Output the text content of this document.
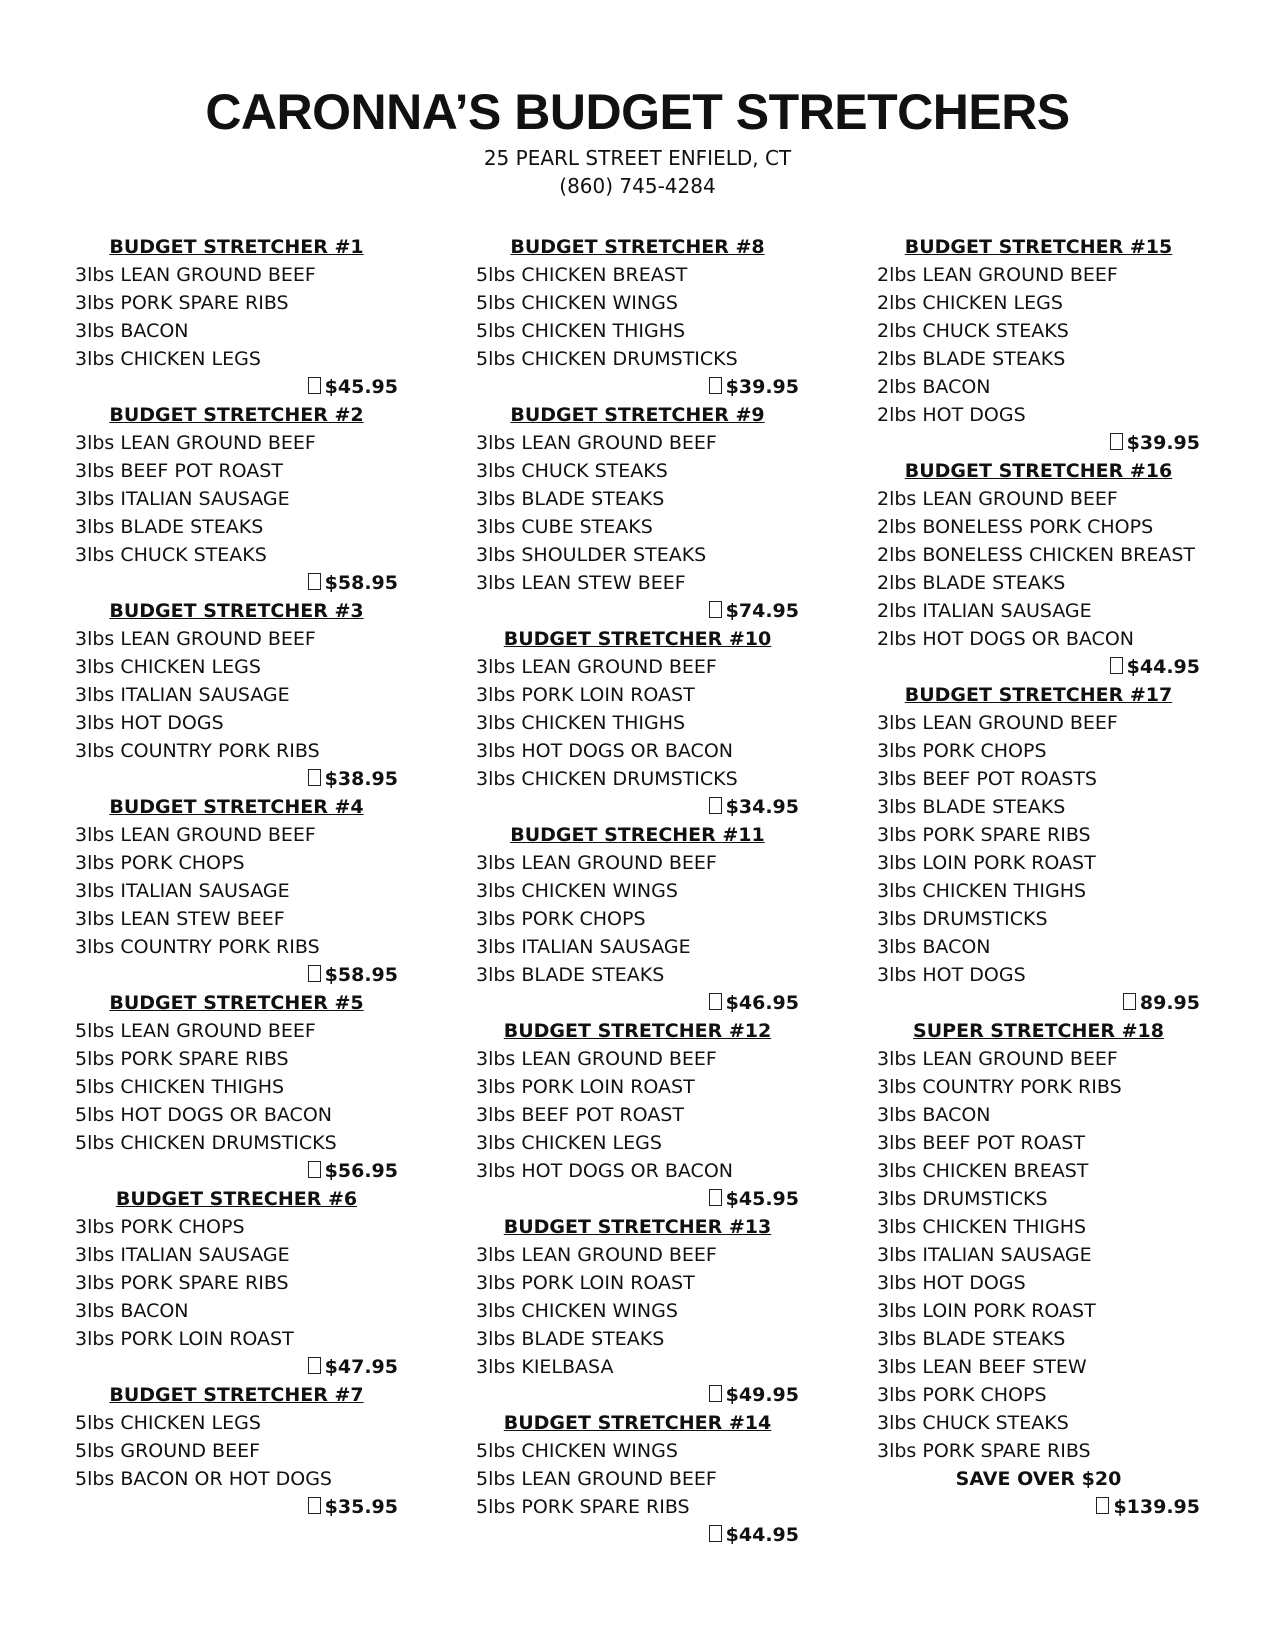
CARONNA’S BUDGET STRETCHERS

25 PEARL STREET ENFIELD, CT

(860) 745-4284

BUDGET STRETCHER #1
3lbs LEAN GROUND BEEF
3lbs PORK SPARE RIBS
3lbs BACON
3lbs CHICKEN LEGS
$45.95
BUDGET STRETCHER #2
3lbs LEAN GROUND BEEF
3lbs BEEF POT ROAST
3lbs ITALIAN SAUSAGE
3lbs BLADE STEAKS
3lbs CHUCK STEAKS
$58.95
BUDGET STRETCHER #3
3lbs LEAN GROUND BEEF
3lbs CHICKEN LEGS
3lbs ITALIAN SAUSAGE
3lbs HOT DOGS
3lbs COUNTRY PORK RIBS
$38.95
BUDGET STRETCHER #4
3lbs LEAN GROUND BEEF
3lbs PORK CHOPS
3lbs ITALIAN SAUSAGE
3lbs LEAN STEW BEEF
3lbs COUNTRY PORK RIBS
$58.95
BUDGET STRETCHER #5
5lbs LEAN GROUND BEEF
5lbs PORK SPARE RIBS
5lbs CHICKEN THIGHS
5lbs HOT DOGS OR BACON
5lbs CHICKEN DRUMSTICKS
$56.95
BUDGET STRECHER #6
3lbs PORK CHOPS
3lbs ITALIAN SAUSAGE
3lbs PORK SPARE RIBS
3lbs BACON
3lbs PORK LOIN ROAST
$47.95
BUDGET STRETCHER #7
5lbs CHICKEN LEGS
5lbs GROUND BEEF
5lbs BACON OR HOT DOGS
$35.95
BUDGET STRETCHER #8
5lbs CHICKEN BREAST
5lbs CHICKEN WINGS
5lbs CHICKEN THIGHS
5lbs CHICKEN DRUMSTICKS
$39.95
BUDGET STRETCHER #9
3lbs LEAN GROUND BEEF
3lbs CHUCK STEAKS
3lbs BLADE STEAKS
3lbs CUBE STEAKS
3lbs SHOULDER STEAKS
3lbs LEAN STEW BEEF
$74.95
BUDGET STRETCHER #10
3lbs LEAN GROUND BEEF
3lbs PORK LOIN ROAST
3lbs CHICKEN THIGHS
3lbs HOT DOGS OR BACON
3lbs CHICKEN DRUMSTICKS
$34.95
BUDGET STRECHER #11
3lbs LEAN GROUND BEEF
3lbs CHICKEN WINGS
3lbs PORK CHOPS
3lbs ITALIAN SAUSAGE
3lbs BLADE STEAKS
$46.95
BUDGET STRETCHER #12
3lbs LEAN GROUND BEEF
3lbs PORK LOIN ROAST
3lbs BEEF POT ROAST
3lbs CHICKEN LEGS
3lbs HOT DOGS OR BACON
$45.95
BUDGET STRETCHER #13
3lbs LEAN GROUND BEEF
3lbs PORK LOIN ROAST
3lbs CHICKEN WINGS
3lbs BLADE STEAKS
3lbs KIELBASA
$49.95
BUDGET STRETCHER #14
5lbs CHICKEN WINGS
5lbs LEAN GROUND BEEF
5lbs PORK SPARE RIBS
$44.95
BUDGET STRETCHER #15
2lbs LEAN GROUND BEEF
2lbs CHICKEN LEGS
2lbs CHUCK STEAKS
2lbs BLADE STEAKS
2lbs BACON
2lbs HOT DOGS
$39.95
BUDGET STRETCHER #16
2lbs LEAN GROUND BEEF
2lbs BONELESS PORK CHOPS
2lbs BONELESS CHICKEN BREAST
2lbs BLADE STEAKS
2lbs ITALIAN SAUSAGE
2lbs HOT DOGS OR BACON
$44.95
BUDGET STRETCHER #17
3lbs LEAN GROUND BEEF
3lbs PORK CHOPS
3lbs BEEF POT ROASTS
3lbs BLADE STEAKS
3lbs PORK SPARE RIBS
3lbs LOIN PORK ROAST
3lbs CHICKEN THIGHS
3lbs DRUMSTICKS
3lbs BACON
3lbs HOT DOGS
89.95
SUPER STRETCHER #18
3lbs LEAN GROUND BEEF
3lbs COUNTRY PORK RIBS
3lbs BACON
3lbs BEEF POT ROAST
3lbs CHICKEN BREAST
3lbs DRUMSTICKS
3lbs CHICKEN THIGHS
3lbs ITALIAN SAUSAGE
3lbs HOT DOGS
3lbs LOIN PORK ROAST
3lbs BLADE STEAKS
3lbs LEAN BEEF STEW
3lbs PORK CHOPS
3lbs CHUCK STEAKS
3lbs PORK SPARE RIBS
SAVE OVER $20
$139.95
